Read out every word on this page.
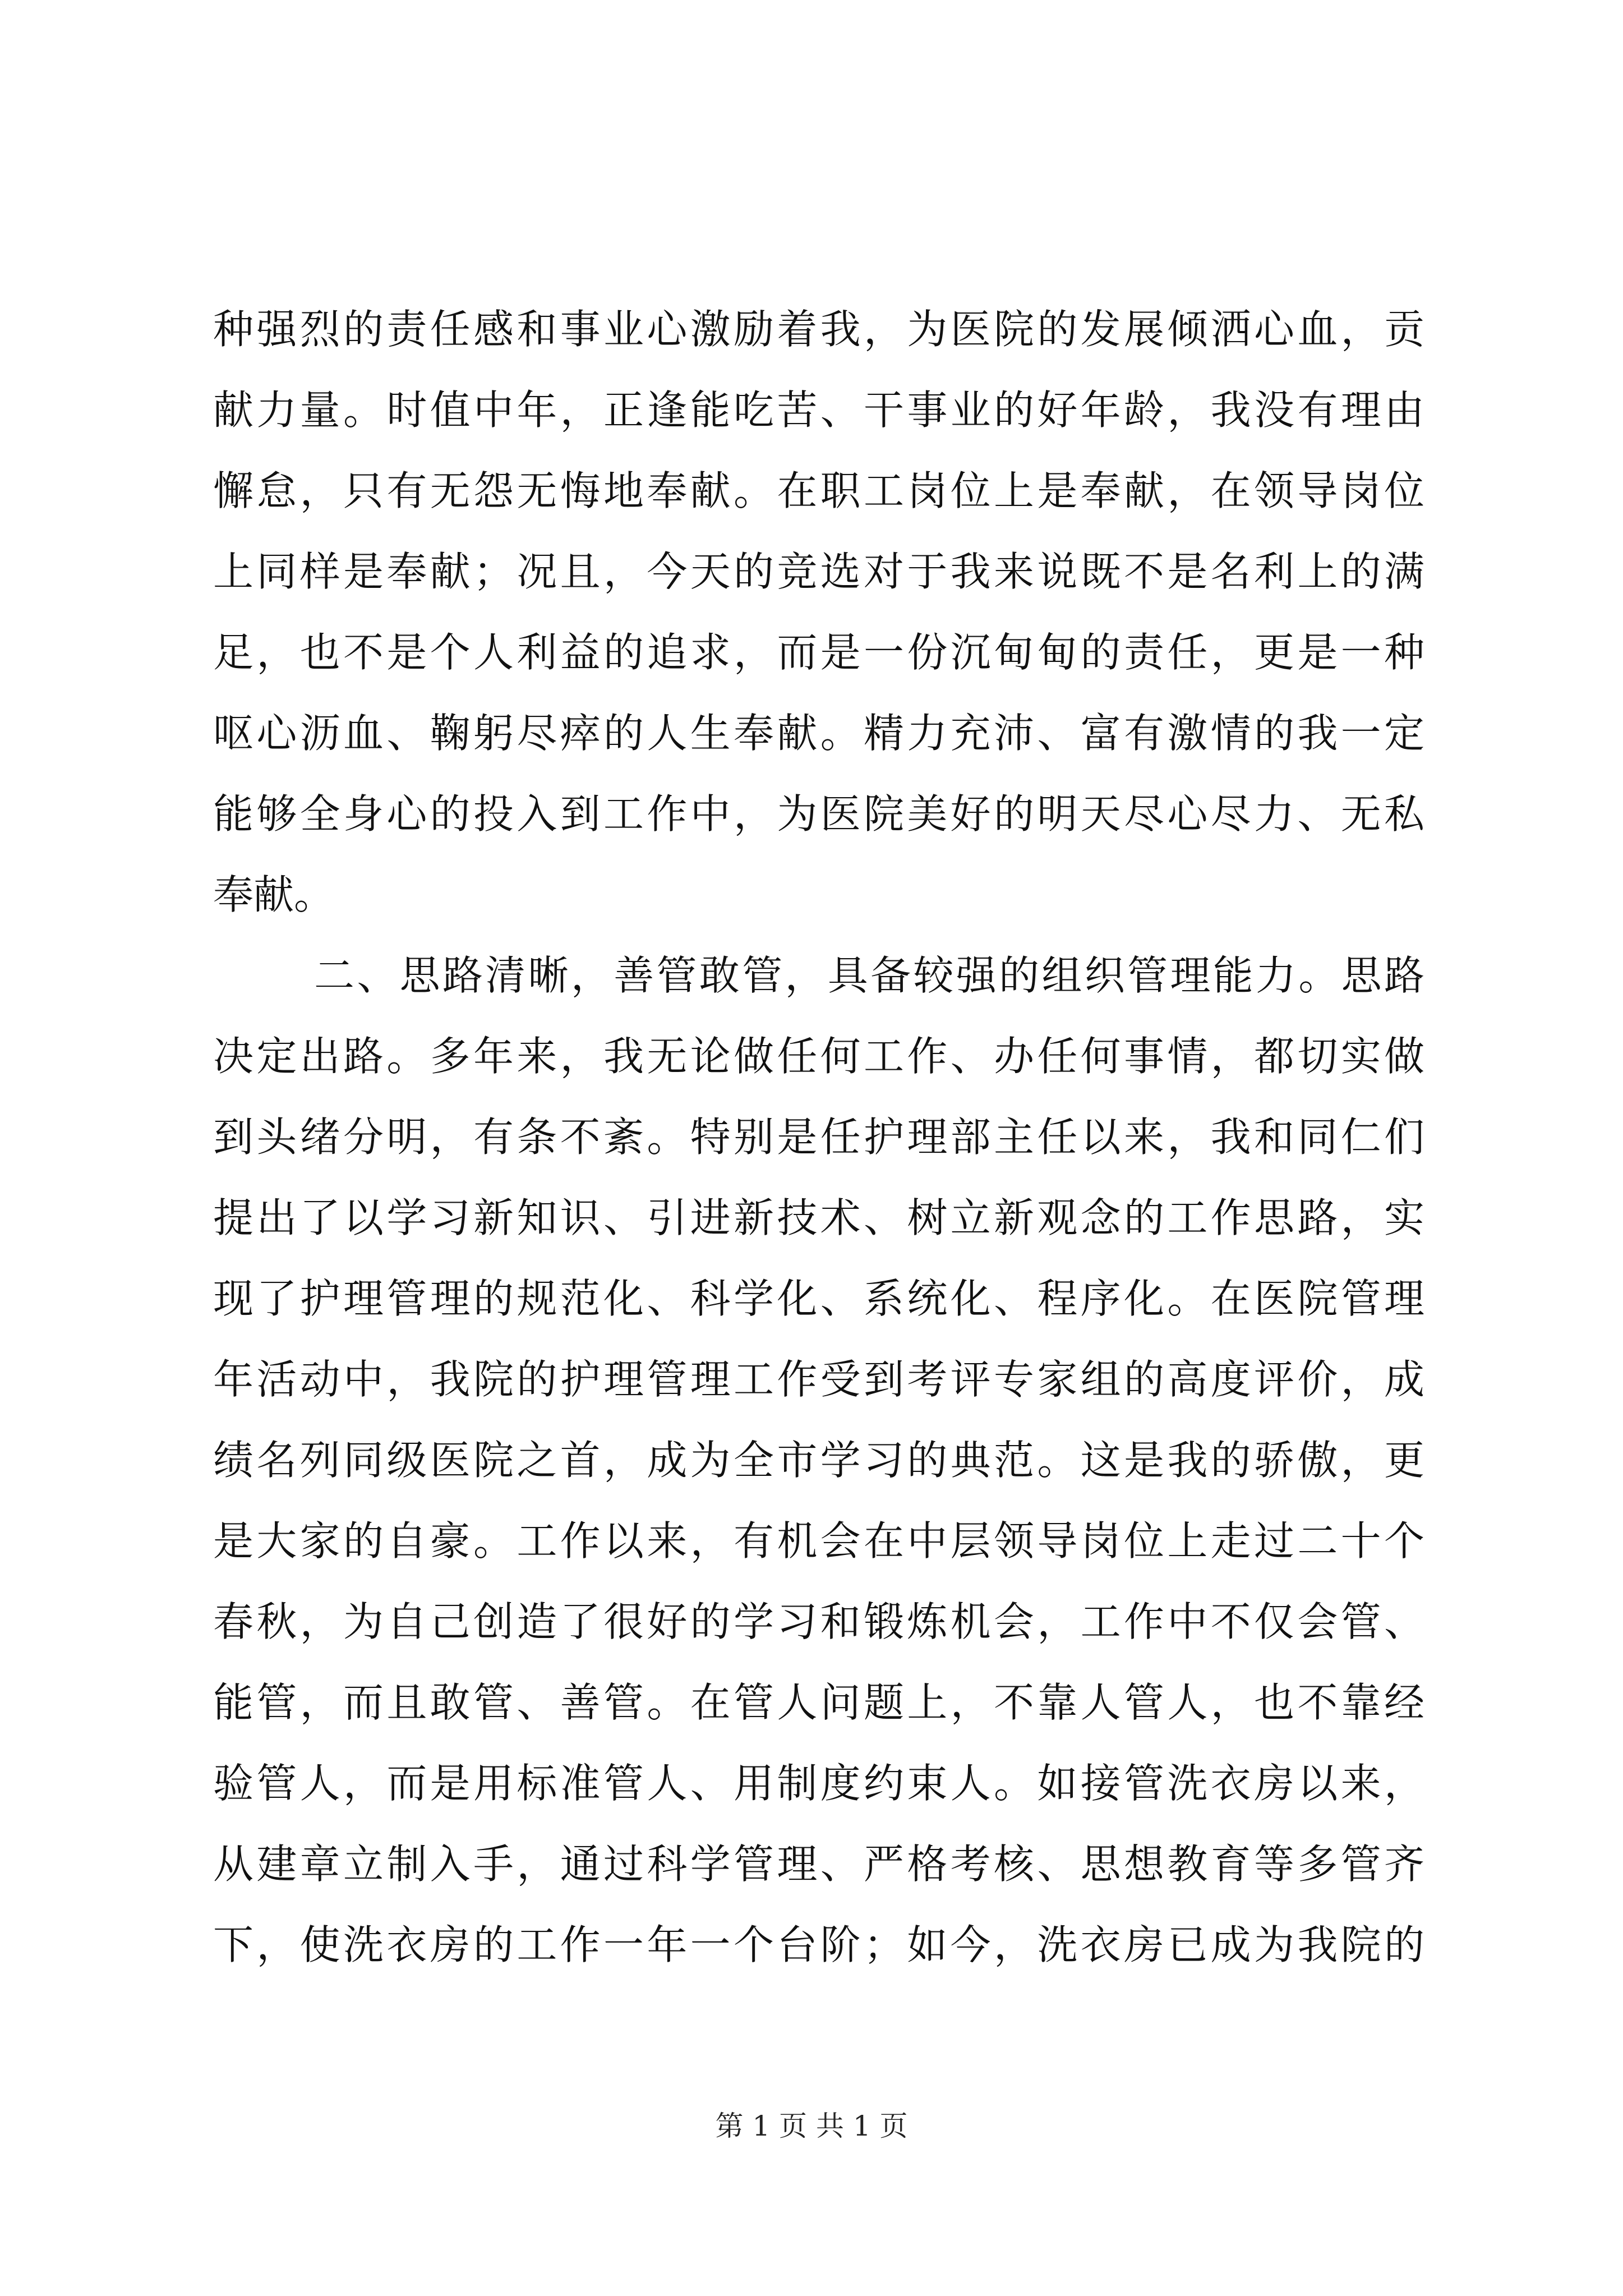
种强烈的责任感和事业心激励着我，为医院的发展倾洒心血，贡
献力量。时值中年，正逢能吃苦、干事业的好年龄，我没有理由
懈怠，只有无怨无悔地奉献。在职工岗位上是奉献，在领导岗位
上同样是奉献；况且，今天的竞选对于我来说既不是名利上的满
足，也不是个人利益的追求，而是一份沉甸甸的责任，更是一种
呕心沥血、鞠躬尽瘁的人生奉献。精力充沛、富有激情的我一定
能够全身心的投入到工作中，为医院美好的明天尽心尽力、无私
奉献。
二、思路清晰，善管敢管，具备较强的组织管理能力。思路
决定出路。多年来，我无论做任何工作、办任何事情，都切实做
到头绪分明，有条不紊。特别是任护理部主任以来，我和同仁们
提出了以学习新知识、引进新技术、树立新观念的工作思路，实
现了护理管理的规范化、科学化、系统化、程序化。在医院管理
年活动中，我院的护理管理工作受到考评专家组的高度评价，成
绩名列同级医院之首，成为全市学习的典范。这是我的骄傲，更
是大家的自豪。工作以来，有机会在中层领导岗位上走过二十个
春秋，为自己创造了很好的学习和锻炼机会，工作中不仅会管、
能管，而且敢管、善管。在管人问题上，不靠人管人，也不靠经
验管人，而是用标准管人、用制度约束人。如接管洗衣房以来，
从建章立制入手，通过科学管理、严格考核、思想教育等多管齐
下，使洗衣房的工作一年一个台阶；如今，洗衣房已成为我院的
第 1 页 共 1 页
